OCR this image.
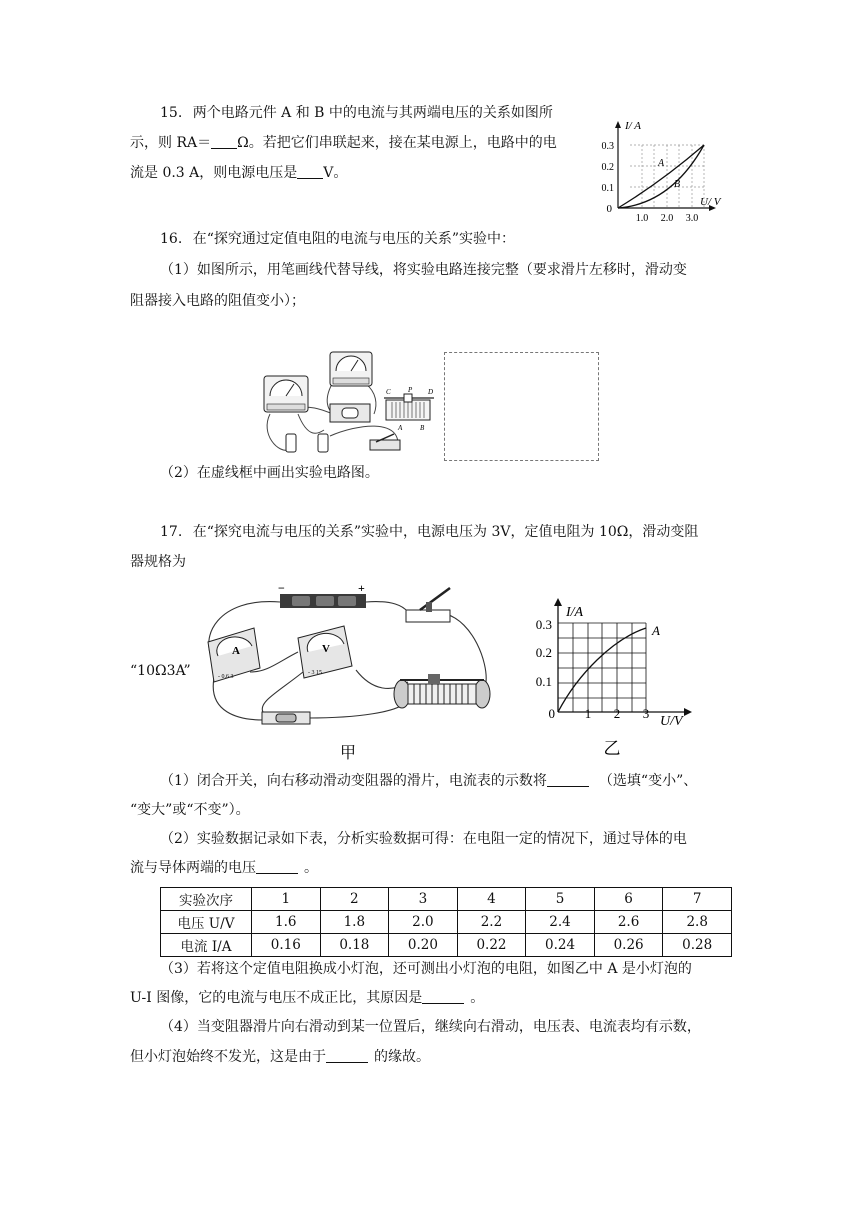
15. 两个电路元件 A 和 B 中的电流与其两端电压的关系如图所
示，则 RA＝ Ω。若把它们串联起来，接在某电源上，电路中的电
流是 0.3 A，则电源电压是 V。
I/ A
U/ V
0
0.1
0.2
0.3
1.0 2.0 3.0
A
B
16. 在“探究通过定值电阻的电流与电压的关系”实验中：
（1）如图所示，用笔画线代替导线，将实验电路连接完整（要求滑片左移时，滑动变
阻器接入电路的阻值变小）；
C P D
A	B
（2）在虚线框中画出实验电路图。
17. 在“探究电流与电压的关系”实验中，电源电压为 3V，定值电阻为 10Ω，滑动变阻
器规格为
“10Ω3A”
−	+
A
- 0.6 3
V
- 3 15
甲
I/A
U/V
0
0.1
0.2
0.3
1 2 3
A
乙
（1）闭合开关，向右移动滑动变阻器的滑片，电流表的示数将	（选填“变小”、
“变大”或“不变”）。
（2）实验数据记录如下表，分析实验数据可得：在电阻一定的情况下，通过导体的电
流与导体两端的电压	。
实验次序	1	2	3	4	5	6	7
电压 U/V	1.6	1.8	2.0	2.2	2.4	2.6	2.8
电流 I/A	0.16	0.18	0.20	0.22	0.24	0.26	0.28
（3）若将这个定值电阻换成小灯泡，还可测出小灯泡的电阻，如图乙中 A 是小灯泡的
U-I 图像，它的电流与电压不成正比，其原因是	。
（4）当变阻器滑片向右滑动到某一位置后，继续向右滑动，电压表、电流表均有示数，
但小灯泡始终不发光，这是由于	的缘故。
